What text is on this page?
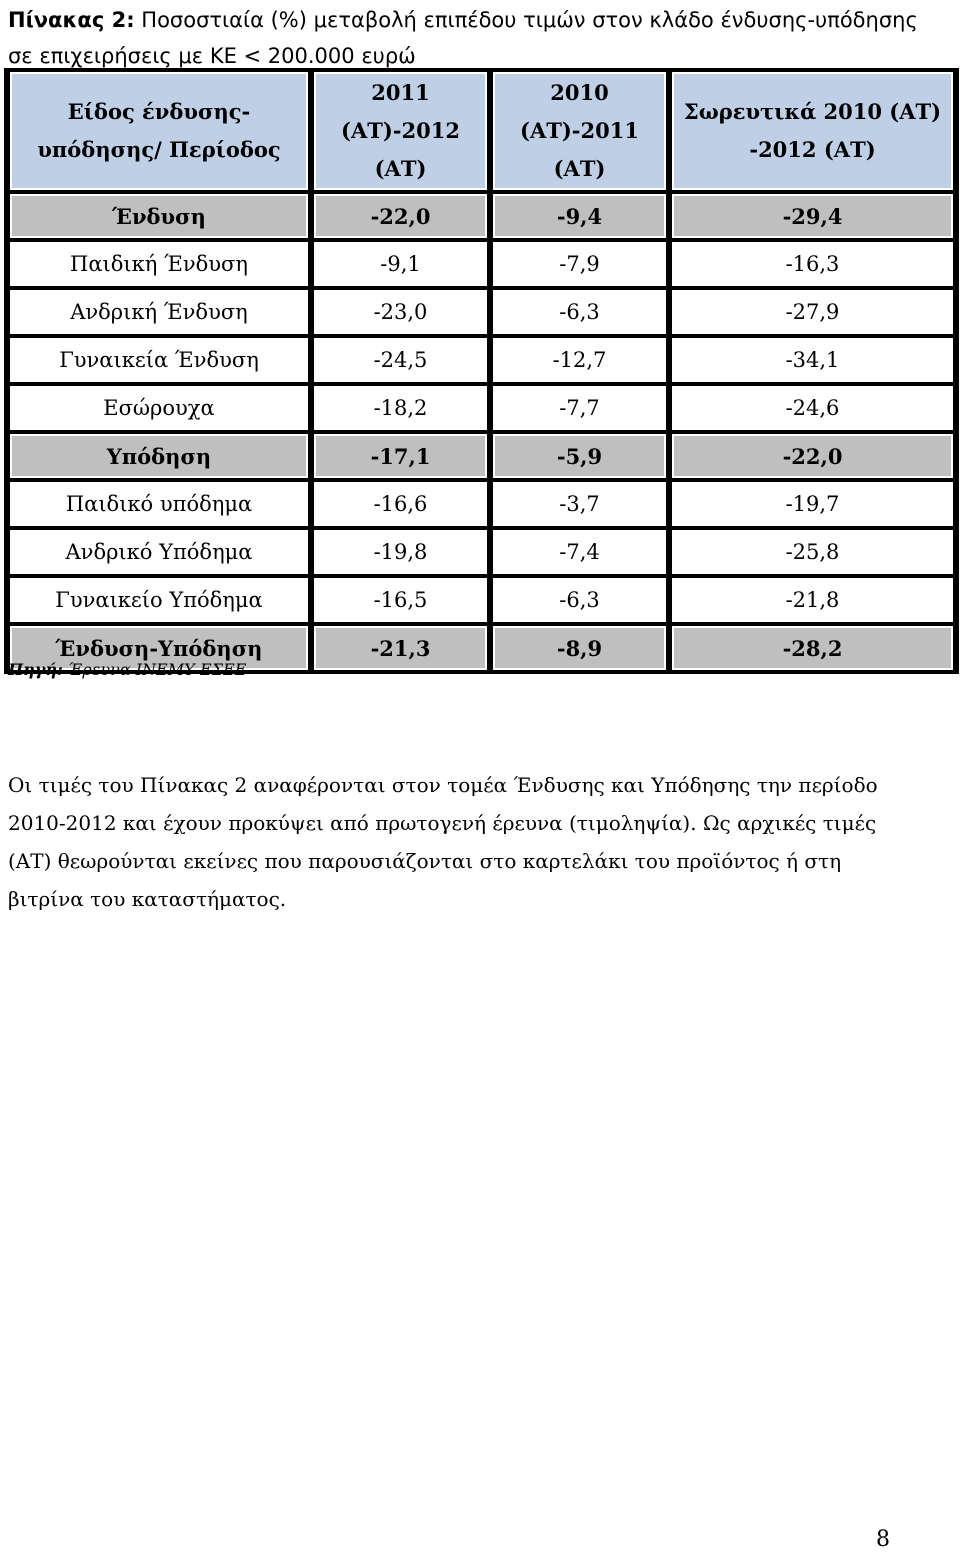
Πίνακας 2: Ποσοστιαία (%) μεταβολή επιπέδου τιμών στον κλάδο ένδυσης-υπόδησης σε επιχειρήσεις με ΚΕ < 200.000 ευρώ
Είδος ένδυσης-υπόδησης/ Περίοδος	2011 (ΑΤ)-2012 (ΑΤ)	2010 (ΑΤ)-2011 (ΑΤ)	Σωρευτικά 2010 (ΑΤ) -2012 (ΑΤ)
Ένδυση	-22,0	-9,4	-29,4
Παιδική Ένδυση	-9,1	-7,9	-16,3
Ανδρική Ένδυση	-23,0	-6,3	-27,9
Γυναικεία Ένδυση	-24,5	-12,7	-34,1
Εσώρουχα	-18,2	-7,7	-24,6
Υπόδηση	-17,1	-5,9	-22,0
Παιδικό υπόδημα	-16,6	-3,7	-19,7
Ανδρικό Υπόδημα	-19,8	-7,4	-25,8
Γυναικείο Υπόδημα	-16,5	-6,3	-21,8
Ένδυση-Υπόδηση	-21,3	-8,9	-28,2
Πηγή: Έρευνα ΙΝΕΜΥ-ΕΣΕΕ
Οι τιμές του Πίνακας 2 αναφέρονται στον τομέα Ένδυσης και Υπόδησης την περίοδο 2010-2012 και έχουν προκύψει από πρωτογενή έρευνα (τιμοληψία). Ως αρχικές τιμές (ΑΤ) θεωρούνται εκείνες που παρουσιάζονται στο καρτελάκι του προϊόντος ή στη βιτρίνα του καταστήματος.
8
